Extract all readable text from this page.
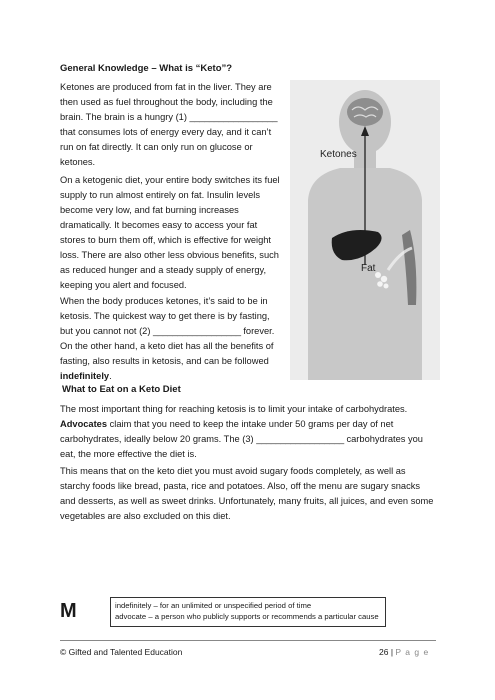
General Knowledge – What is “Keto”?
Ketones are produced from fat in the liver. They are
then used as fuel throughout the body, including the
brain. The brain is a hungry (1) __________________
that consumes lots of energy every day, and it can’t
run on fat directly. It can only run on glucose or
ketones.
On a ketogenic diet, your entire body switches its fuel
supply to run almost entirely on fat. Insulin levels
become very low, and fat burning increases
dramatically. It becomes easy to access your fat
stores to burn them off, which is effective for weight
loss. There are also other less obvious benefits, such
as reduced hunger and a steady supply of energy,
keeping you alert and focused.
When the body produces ketones, it’s said to be in
ketosis. The quickest way to get there is by fasting,
but you cannot not (2) __________________ forever.
On the other hand, a keto diet has all the benefits of
fasting, also results in ketosis, and can be followed
indefinitely.
Ketones
Fat
What to Eat on a Keto Diet
The most important thing for reaching ketosis is to limit your intake of carbohydrates.
Advocates claim that you need to keep the intake under 50 grams per day of net
carbohydrates, ideally below 20 grams. The (3) __________________ carbohydrates you
eat, the more effective the diet is.
This means that on the keto diet you must avoid sugary foods completely, as well as
starchy foods like bread, pasta, rice and potatoes. Also, off the menu are sugary snacks
and desserts, as well as sweet drinks. Unfortunately, many fruits, all juices, and even some
vegetables are also excluded on this diet.
M	indefinitely – for an unlimited or unspecified period of time
advocate – a person who publicly supports or recommends a particular cause
© Gifted and Talented Education	26 | P a g e
